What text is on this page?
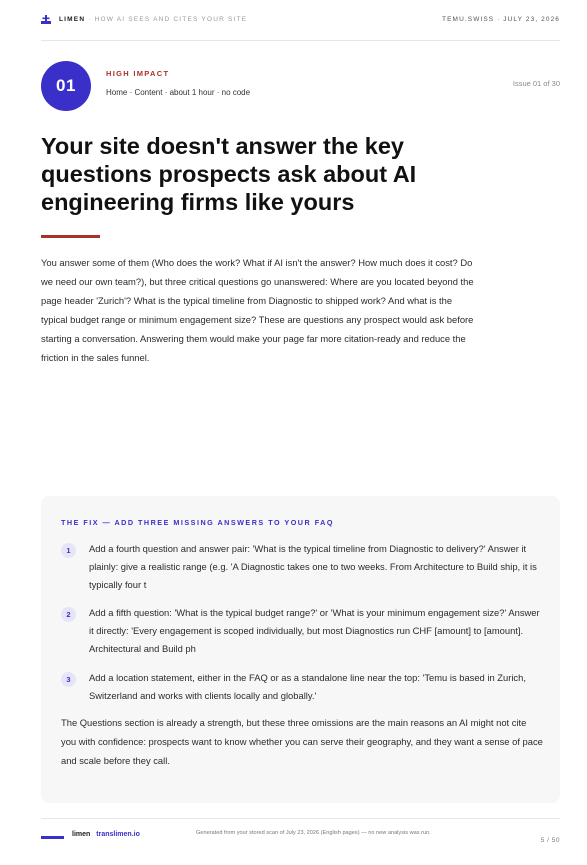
LIMEN · HOW AI SEES AND CITES YOUR SITE	TEMU.SWISS · JULY 23, 2026
01
HIGH IMPACT
Home · Content · about 1 hour · no code
Issue 01 of 30
Your site doesn't answer the key questions prospects ask about AI engineering firms like yours

You answer some of them (Who does the work? What if AI isn't the answer? How much does it cost? Do we need our own team?), but three critical questions go unanswered: Where are you located beyond the page header 'Zurich'? What is the typical timeline from Diagnostic to shipped work? And what is the typical budget range or minimum engagement size? These are questions any prospect would ask before starting a conversation. Answering them would make your page far more citation-ready and reduce the friction in the sales funnel.

THE FIX — ADD THREE MISSING ANSWERS TO YOUR FAQ
1	Add a fourth question and answer pair: 'What is the typical timeline from Diagnostic to delivery?' Answer it plainly: give a realistic range (e.g. 'A Diagnostic takes one to two weeks. From Architecture to Build ship, it is typically four t
2	Add a fifth question: 'What is the typical budget range?' or 'What is your minimum engagement size?' Answer it directly: 'Every engagement is scoped individually, but most Diagnostics run CHF [amount] to [amount]. Architectural and Build ph
3	Add a location statement, either in the FAQ or as a standalone line near the top: 'Temu is based in Zurich, Switzerland and works with clients locally and globally.'

The Questions section is already a strength, but these three omissions are the main reasons an AI might not cite you with confidence: prospects want to know whether you can serve their geography, and they want a sense of pace and scale before they call.

limen translimen.io	Generated from your stored scan of July 23, 2026 (English pages) — no new analysis was run.
5 / 50
